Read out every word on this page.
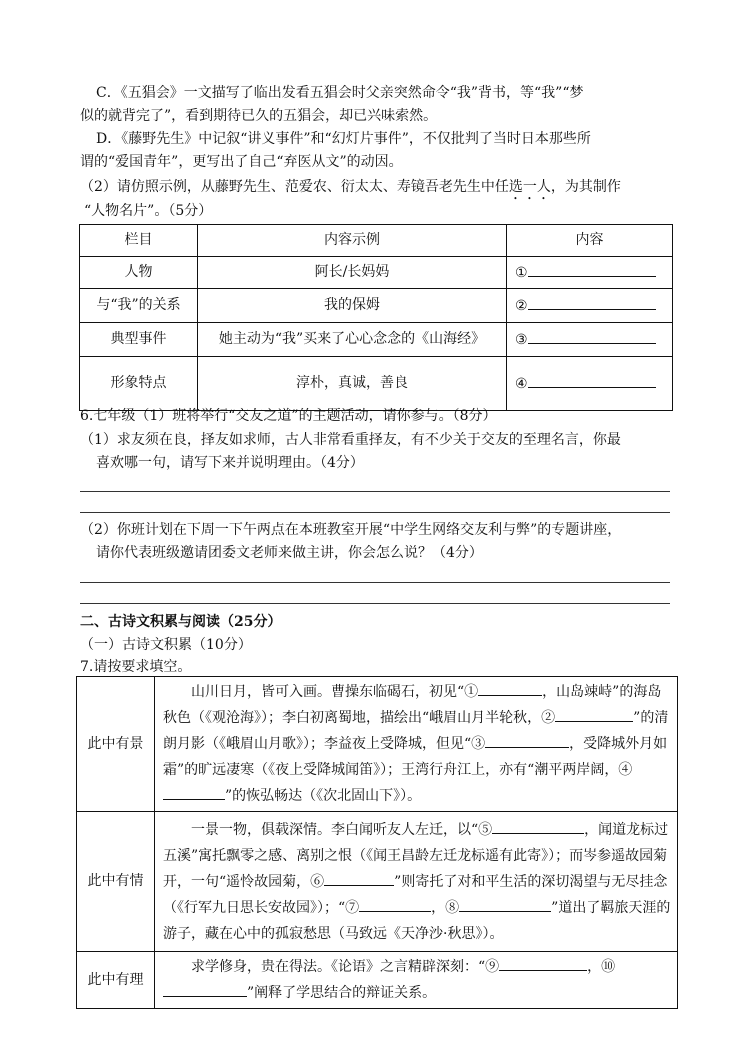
C．《五猖会》一文描写了临出发看五猖会时父亲突然命令“我”背书，等“我”“梦
似的就背完了”，看到期待已久的五猖会，却已兴味索然。
D．《藤野先生》中记叙“讲义事件”和“幻灯片事件”，不仅批判了当时日本那些所
谓的“爱国青年”，更写出了自己“弃医从文”的动因。
（2）请仿照示例，从藤野先生、范爱农、衍太太、寿镜吾老先生中任选一人，为其制作
“人物名片”。（5分）
栏目	内容示例	内容
人物	阿长/长妈妈	①
与“我”的关系	我的保姆	②
典型事件	她主动为“我”买来了心心念念的《山海经》	③
形象特点	淳朴，真诚，善良	④
6.七年级（1）班将举行“交友之道”的主题活动，请你参与。（8分）
（1）求友须在良，择友如求师，古人非常看重择友，有不少关于交友的至理名言，你最
喜欢哪一句，请写下来并说明理由。（4分）
（2）你班计划在下周一下午两点在本班教室开展“中学生网络交友利与弊”的专题讲座，
请你代表班级邀请团委文老师来做主讲，你会怎么说？（4分）
二、古诗文积累与阅读（25分）
（一）古诗文积累（10分）
7.请按要求填空。
此中有景	山川日月，皆可入画。曹操东临碣石，初见“① ，山岛竦峙”的海岛秋色（《观沧海》）；李白初离蜀地，描绘出“峨眉山月半轮秋，② ”的清朗月影（《峨眉山月歌》）；李益夜上受降城，但见“③ ，受降城外月如霜”的旷远凄寒（《夜上受降城闻笛》）；王湾行舟江上，亦有“潮平两岸阔，④”的恢弘畅达（《次北固山下》）。

此中有情	一景一物，俱载深情。李白闻听友人左迁，以“⑤ ，闻道龙标过五溪”寓托飘零之感、离别之恨（《闻王昌龄左迁龙标遥有此寄》）；而岑参遥故园菊开，一句“遥怜故园菊，⑥ ”则寄托了对和平生活的深切渴望与无尽挂念（《行军九日思长安故园》）；“⑦ ，⑧ ”道出了羁旅天涯的游子，藏在心中的孤寂愁思（马致远《天净沙·秋思》）。

此中有理	求学修身，贵在得法。《论语》之言精辟深刻：“⑨ ，⑩”阐释了学思结合的辩证关系。
